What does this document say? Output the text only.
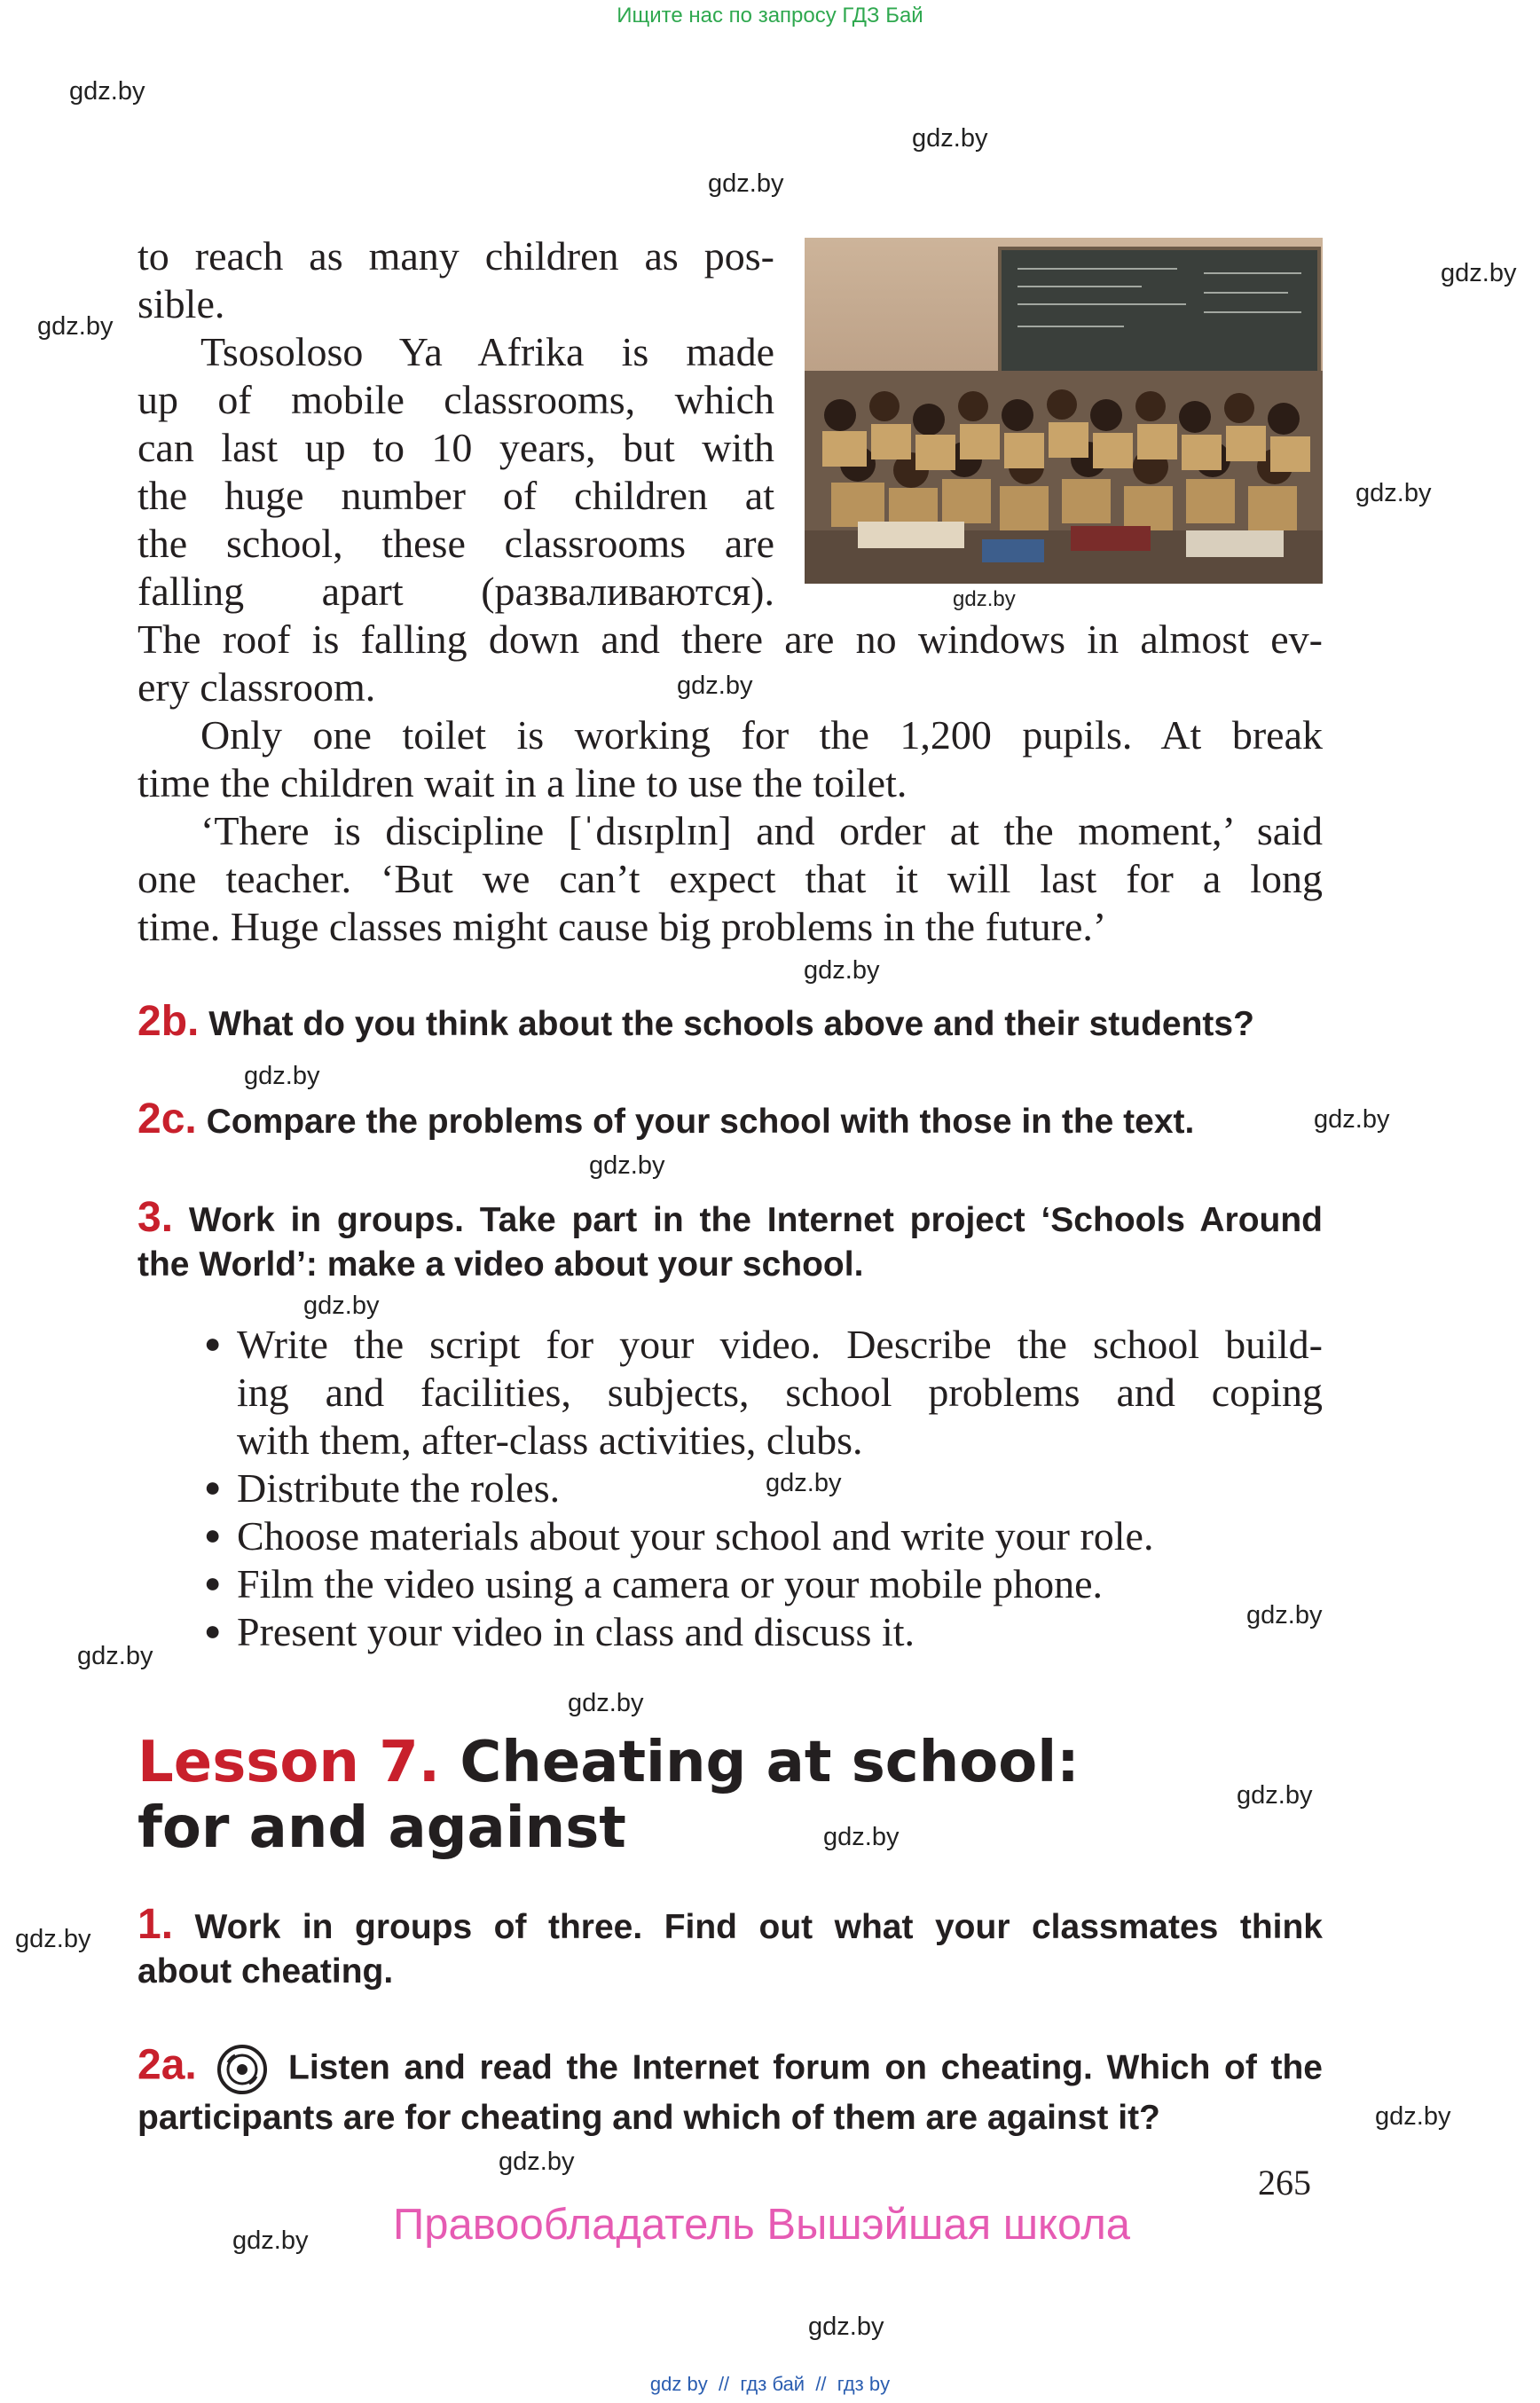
Ищите нас по запросу ГДЗ Бай
gdz.by
gdz.by
gdz.by
gdz.by
gdz.by
gdz.by
gdz.by
gdz.by
gdz.by
gdz.by
gdz.by
gdz.by
gdz.by
gdz.by
gdz.by
gdz.by
gdz.by
gdz.by
gdz.by
gdz.by
gdz.by
gdz.by
gdz.by
gdz.by
to reach as many children as pos-
sible.
Tsosoloso Ya Afrika is made
up of mobile classrooms, which
can last up to 10 years, but with
the huge number of children at
the school, these classrooms are
falling apart (разваливаются).
The roof is falling down and there are no windows in almost ev-
ery classroom.
Only one toilet is working for the 1,200 pupils. At break
time the children wait in a line to use the toilet.
‘There is discipline [ˈdɪsɪplɪn] and order at the moment,’ said
one teacher. ‘But we can’t expect that it will last for a long
time. Huge classes might cause big problems in the future.’
2b. What do you think about the schools above and their students?
2c. Compare the problems of your school with those in the text.
3. Work in groups. Take part in the Internet project ‘Schools Around
the World’: make a video about your school.
● Write the script for your video. Describe the school build-
ing and facilities, subjects, school problems and coping
with them, after-class activities, clubs.
● Distribute the roles.
● Choose materials about your school and write your role.
● Film the video using a camera or your mobile phone.
● Present your video in class and discuss it.
Lesson 7. Cheating at school:
for and against
1. Work in groups of three. Find out what your classmates think
about cheating.
2a.	Listen and read the Internet forum on cheating. Which of the
participants are for cheating and which of them are against it?
265
Правообладатель Вышэйшая школа
gdz by  //  гдз бай  //  гдз by
